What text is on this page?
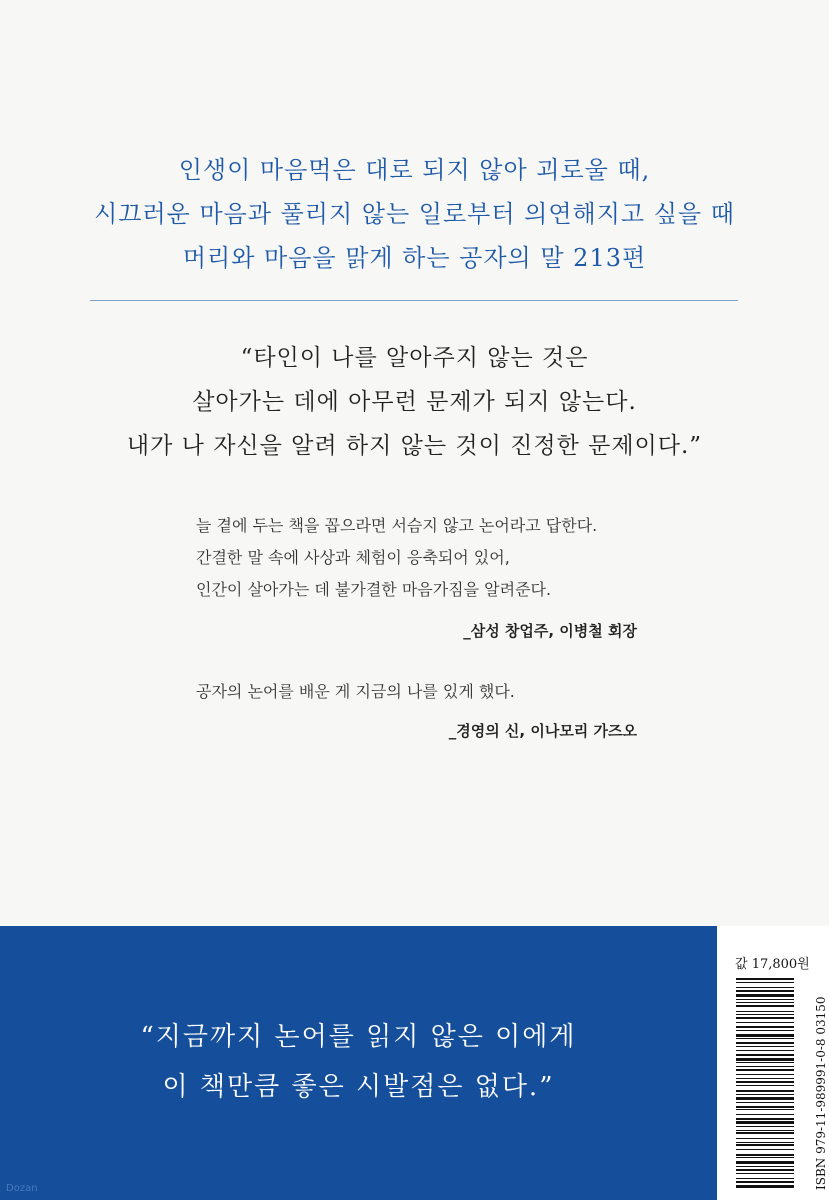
인생이 마음먹은 대로 되지 않아 괴로울 때,
시끄러운 마음과 풀리지 않는 일로부터 의연해지고 싶을 때
머리와 마음을 맑게 하는 공자의 말 213편
“타인이 나를 알아주지 않는 것은
살아가는 데에 아무런 문제가 되지 않는다.
내가 나 자신을 알려 하지 않는 것이 진정한 문제이다.”
늘 곁에 두는 책을 꼽으라면 서슴지 않고 논어라고 답한다.
간결한 말 속에 사상과 체험이 응축되어 있어,
인간이 살아가는 데 불가결한 마음가짐을 알려준다.
_삼성 창업주, 이병철 회장
공자의 논어를 배운 게 지금의 나를 있게 했다.
_경영의 신, 이나모리 가즈오
“지금까지 논어를 읽지 않은 이에게
이 책만큼 좋은 시발점은 없다.”
Dozan
값 17,800원
ISBN 979-11-989991-0-8 03150
